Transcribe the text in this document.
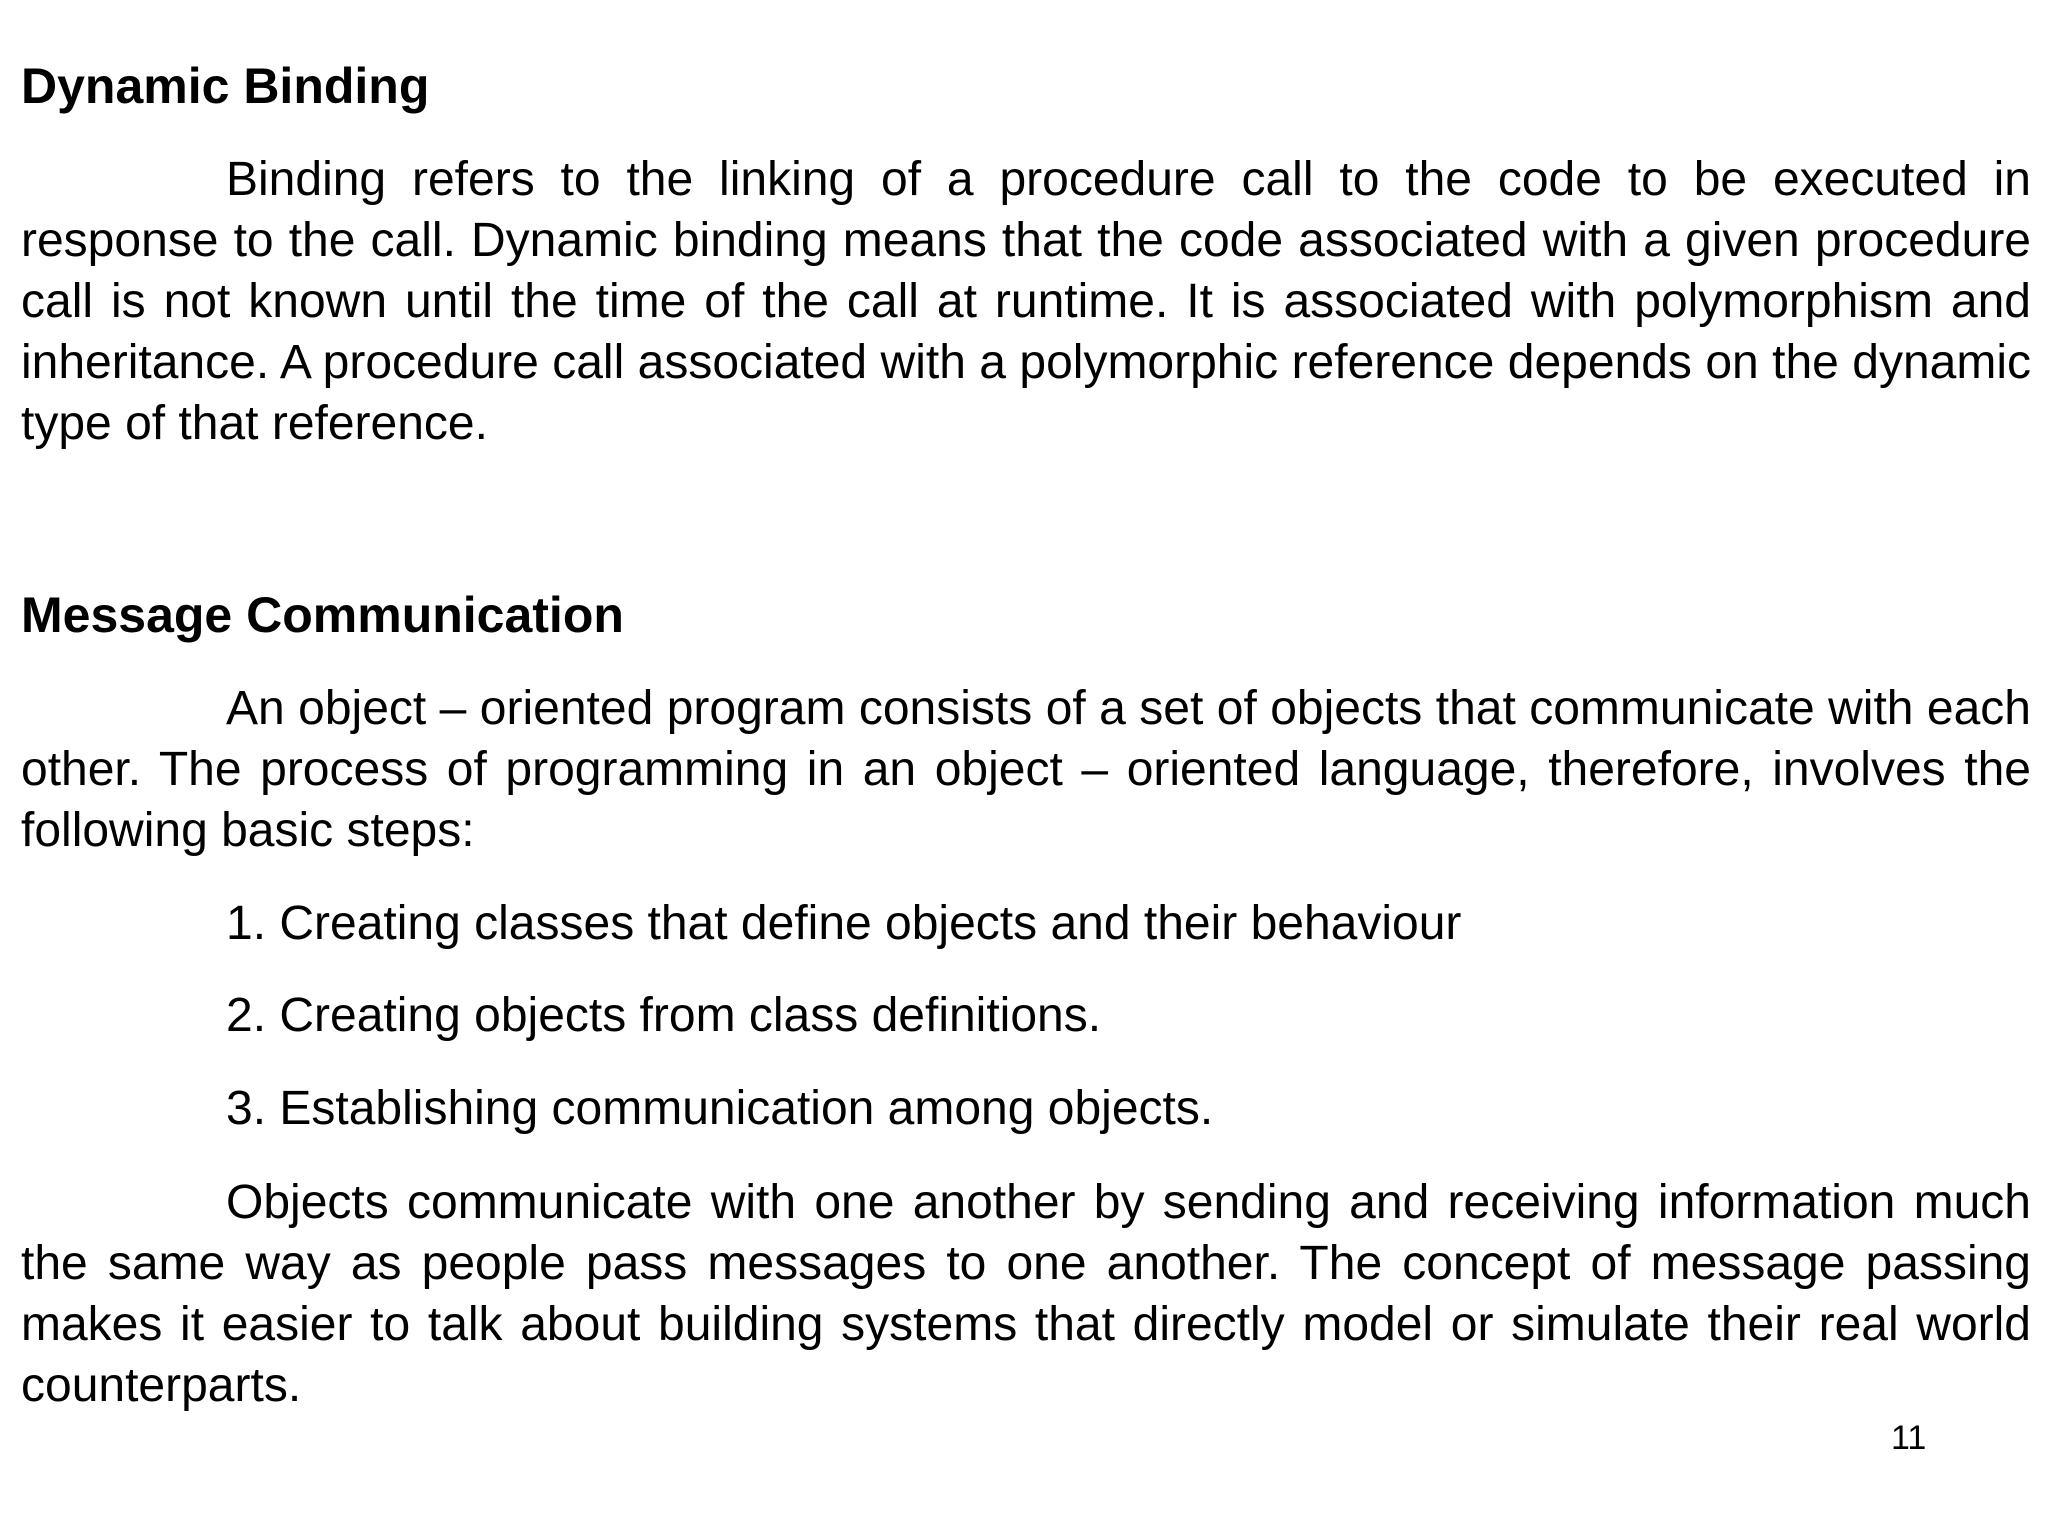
Dynamic Binding

Binding refers to the linking of a procedure call to the code to be executed in response to the call. Dynamic binding means that the code associated with a given procedure call is not known until the time of the call at runtime. It is associated with polymorphism and inheritance. A procedure call associated with a polymorphic reference depends on the dynamic type of that reference.

Message Communication

An object – oriented program consists of a set of objects that communicate with each other. The process of programming in an object – oriented language, therefore, involves the following basic steps:

1. Creating classes that define objects and their behaviour

2. Creating objects from class definitions.

3. Establishing communication among objects.

Objects communicate with one another by sending and receiving information much the same way as people pass messages to one another. The concept of message passing makes it easier to talk about building systems that directly model or simulate their real world counterparts.

11
